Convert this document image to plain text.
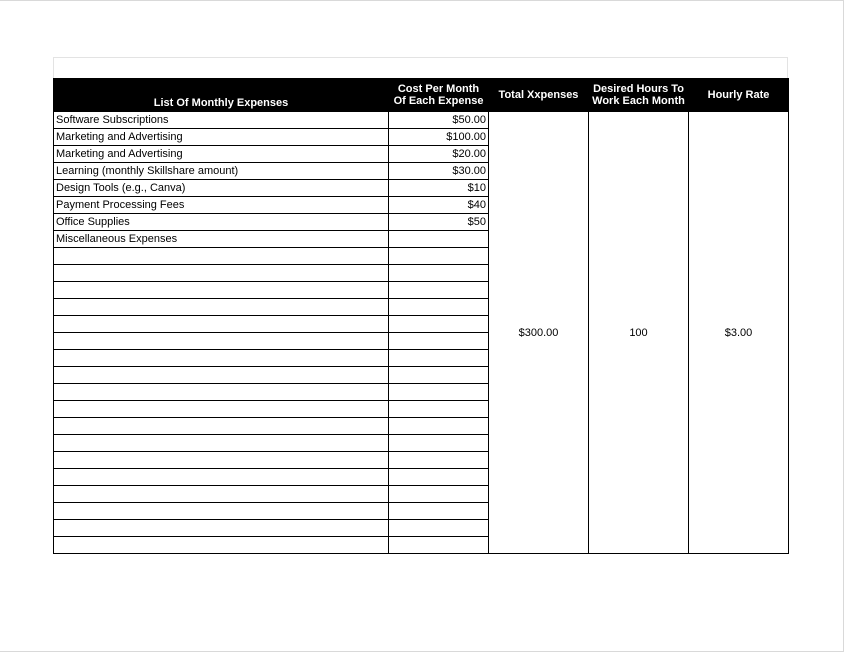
List Of Monthly Expenses	Cost Per Month Of Each Expense	Total Xxpenses	Desired Hours To Work Each Month	Hourly Rate
Software Subscriptions	$50.00	$300.00	100	$3.00
Marketing and Advertising	$100.00			
Marketing and Advertising	$20.00			
Learning (monthly Skillshare amount)	$30.00			
Design Tools (e.g., Canva)	$10			
Payment Processing Fees	$40			
Office Supplies	$50			
Miscellaneous Expenses				
